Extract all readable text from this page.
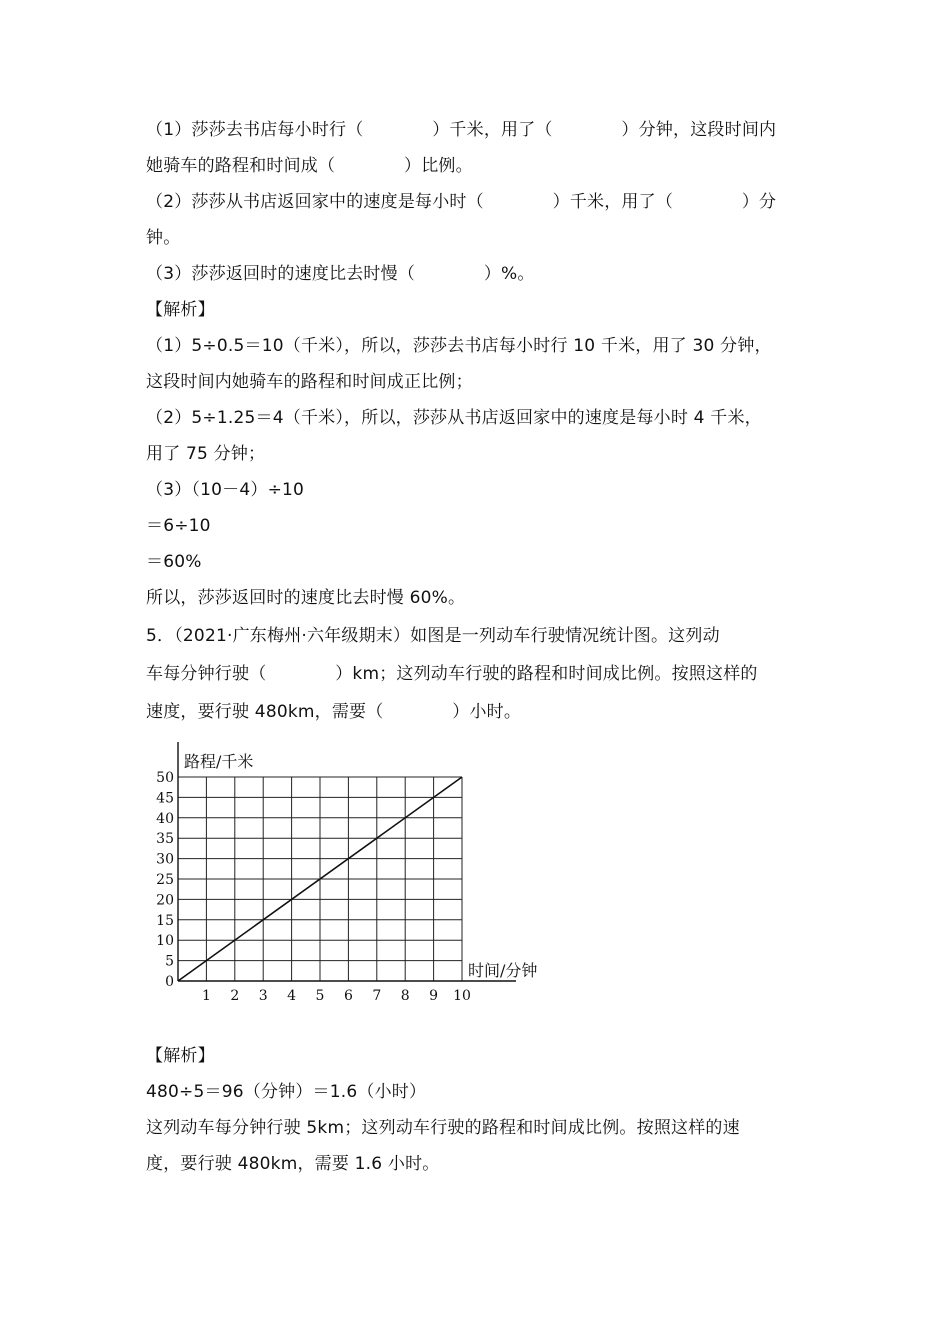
（1）莎莎去书店每小时行（　　　　）千米，用了（　　　　）分钟，这段时间内
她骑车的路程和时间成（　　　　）比例。
（2）莎莎从书店返回家中的速度是每小时（　　　　）千米，用了（　　　　）分
钟。
（3）莎莎返回时的速度比去时慢（　　　　）%。
【解析】
（1）5÷0.5＝10（千米），所以，莎莎去书店每小时行 10 千米，用了 30 分钟，
这段时间内她骑车的路程和时间成正比例；
（2）5÷1.25＝4（千米），所以，莎莎从书店返回家中的速度是每小时 4 千米，
用了 75 分钟；
（3）（10－4）÷10
＝6÷10
＝60%
所以，莎莎返回时的速度比去时慢 60%。
5．（2021·广东梅州·六年级期末）如图是一列动车行驶情况统计图。这列动
车每分钟行驶（　　　　）km；这列动车行驶的路程和时间成比例。按照这样的
速度，要行驶 480km，需要（　　　　）小时。
0
5
10
15
20
25
30
35
40
45
50
1 2 3 4 5 6 7 8 9 10
路程/千米
时间/分钟
【解析】
480÷5＝96（分钟）＝1.6（小时）
这列动车每分钟行驶 5km；这列动车行驶的路程和时间成比例。按照这样的速
度，要行驶 480km，需要 1.6 小时。
